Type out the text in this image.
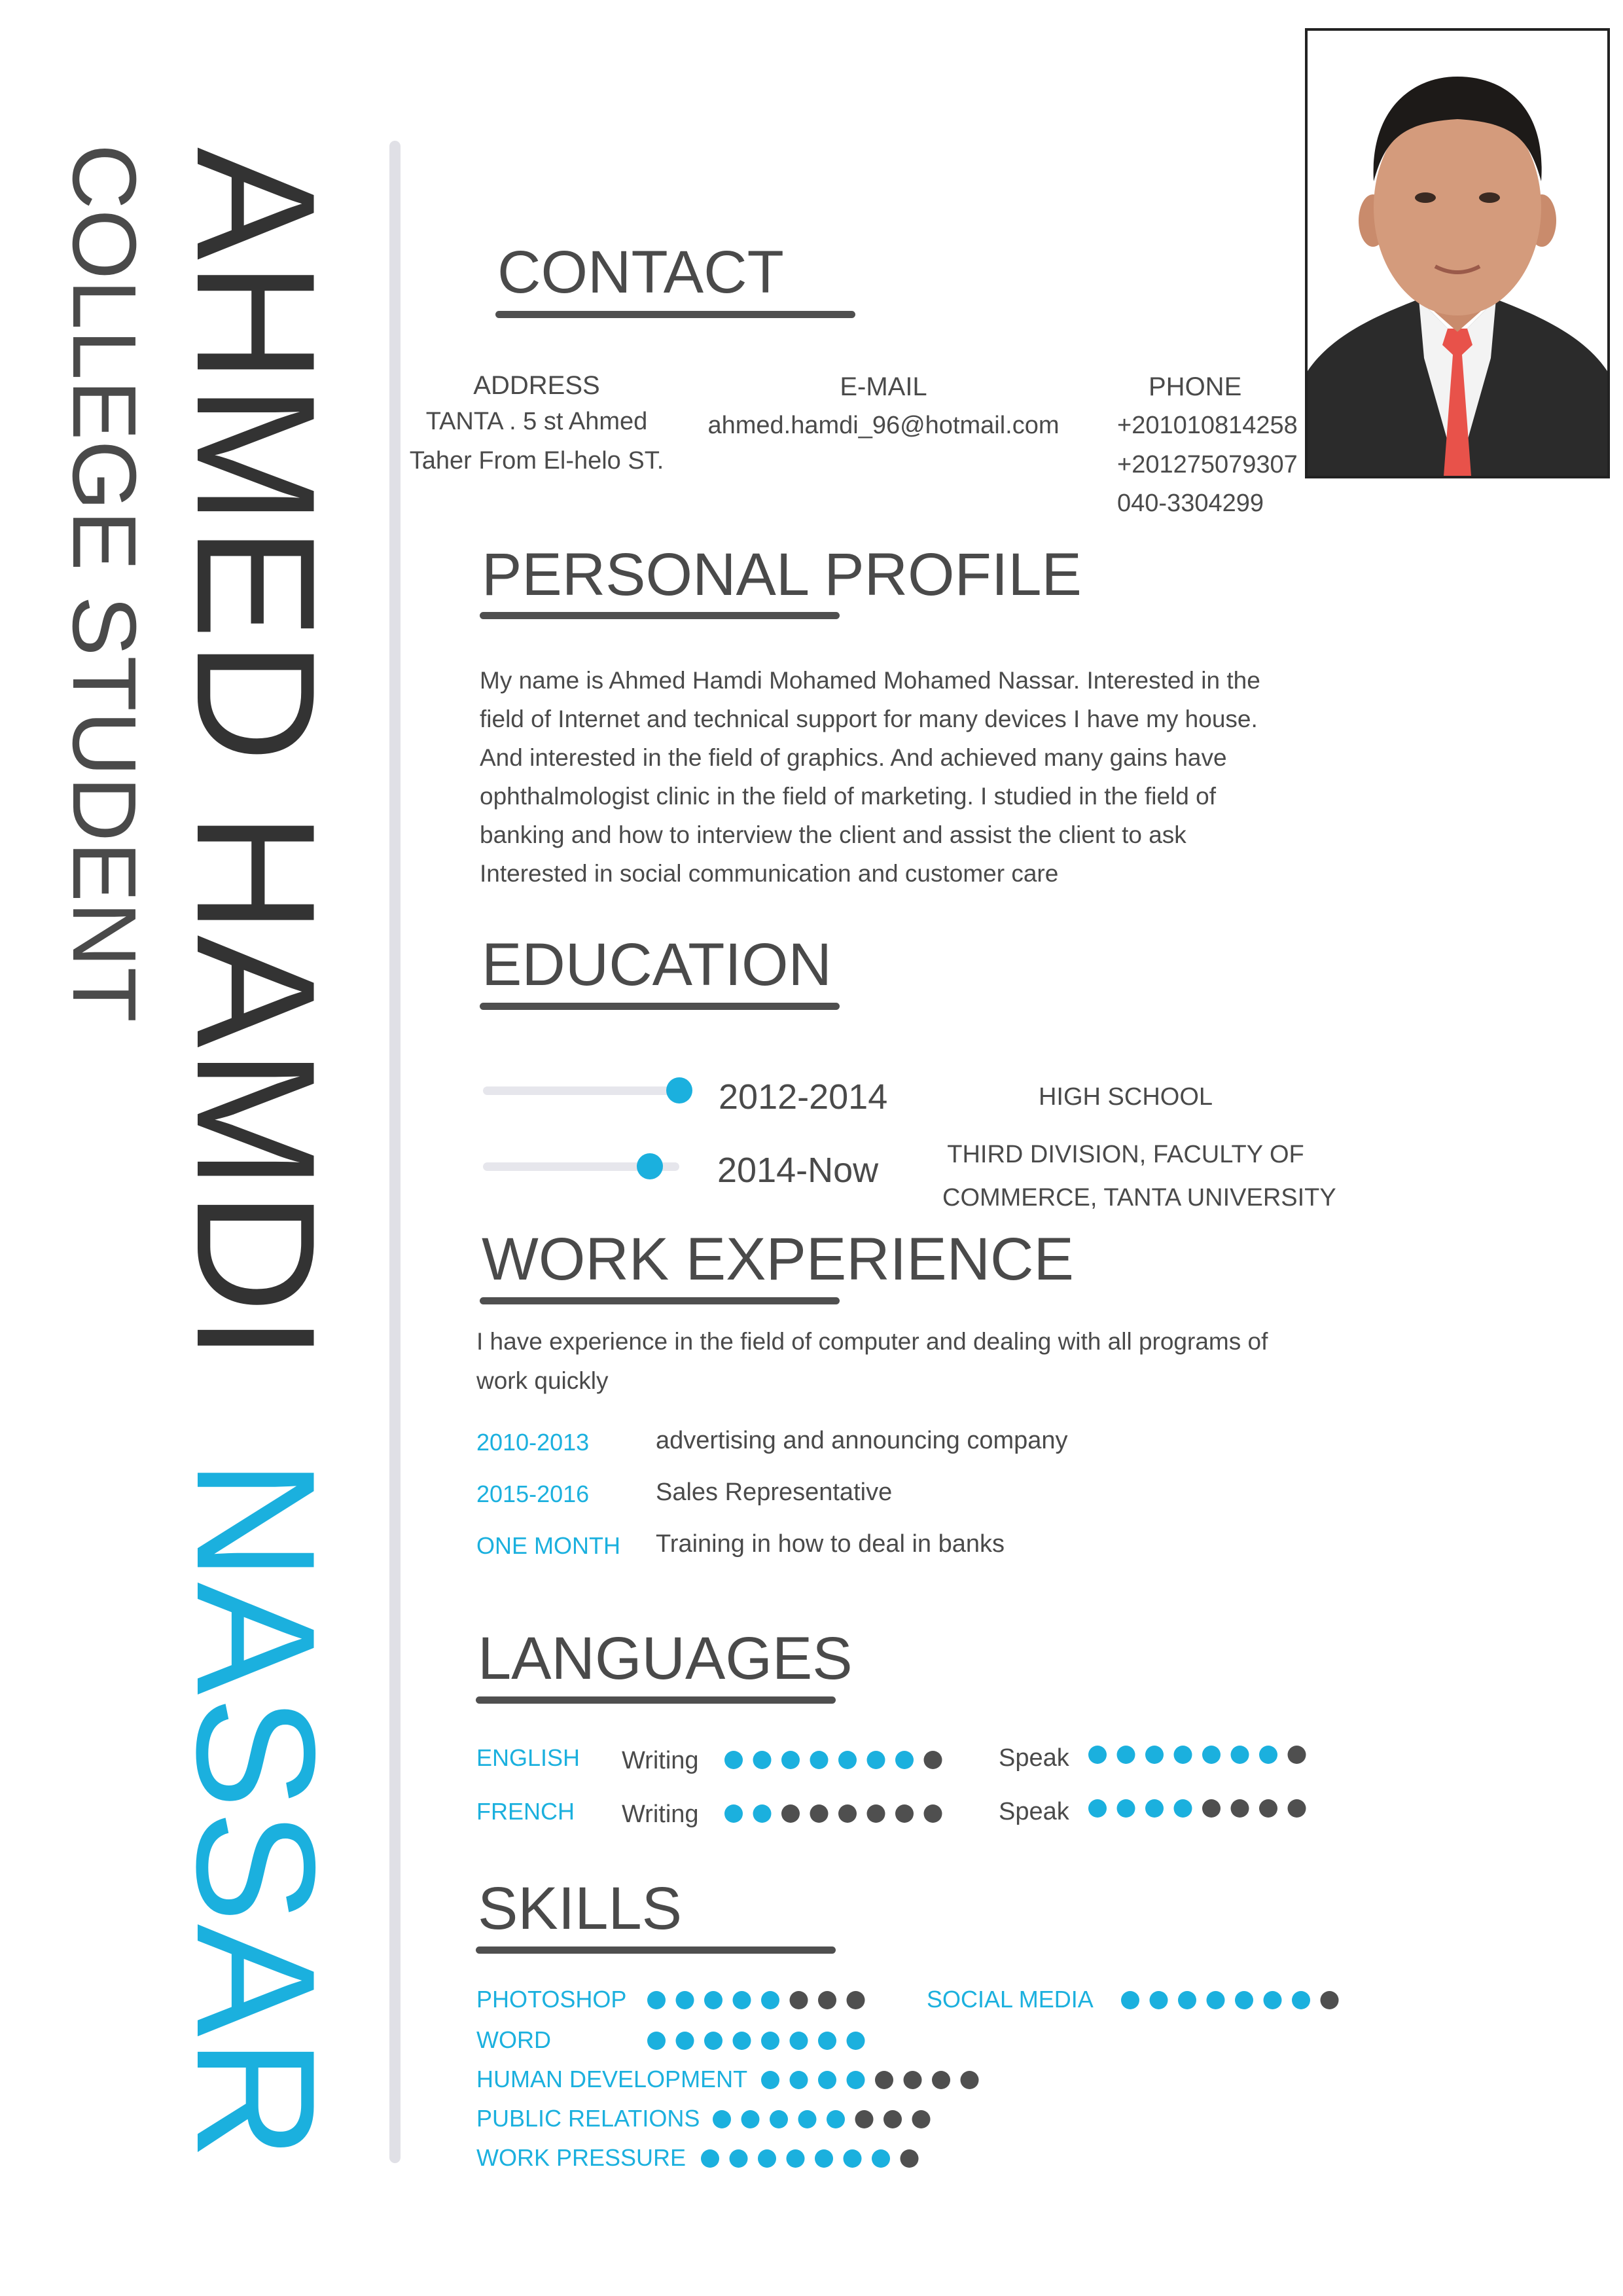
AHMED HAMDI  NASSAR
COLLEGE STUDENT	CONTACT
ADDRESS
TANTA . 5 st Ahmed
Taher From El-helo ST.
E-MAIL
ahmed.hamdi_96@hotmail.com
PHONE
+201010814258
+201275079307
040-3304299
PERSONAL PROFILE
My name is Ahmed Hamdi Mohamed Mohamed Nassar. Interested in the
field of Internet and technical support for many devices I have my house.
And interested in the field of graphics. And achieved many gains have
ophthalmologist clinic in the field of marketing. I studied in the field of
banking and how to interview the client and assist the client to ask
Interested in social communication and customer care
EDUCATION
2012-2014	HIGH SCHOOL
2014-Now	THIRD DIVISION, FACULTY OF
COMMERCE, TANTA UNIVERSITY
WORK EXPERIENCE
I have experience in the field of computer and dealing with all programs of
work quickly
2010-2013	advertising and announcing company
2015-2016	Sales Representative
ONE MONTH Training in how to deal in banks
LANGUAGES
ENGLISH Writing	Speak
FRENCH Writing	Speak
SKILLS
PHOTOSHOP
WORD
HUMAN DEVELOPMENT
PUBLIC RELATIONS
WORK PRESSURE
SOCIAL MEDIA
